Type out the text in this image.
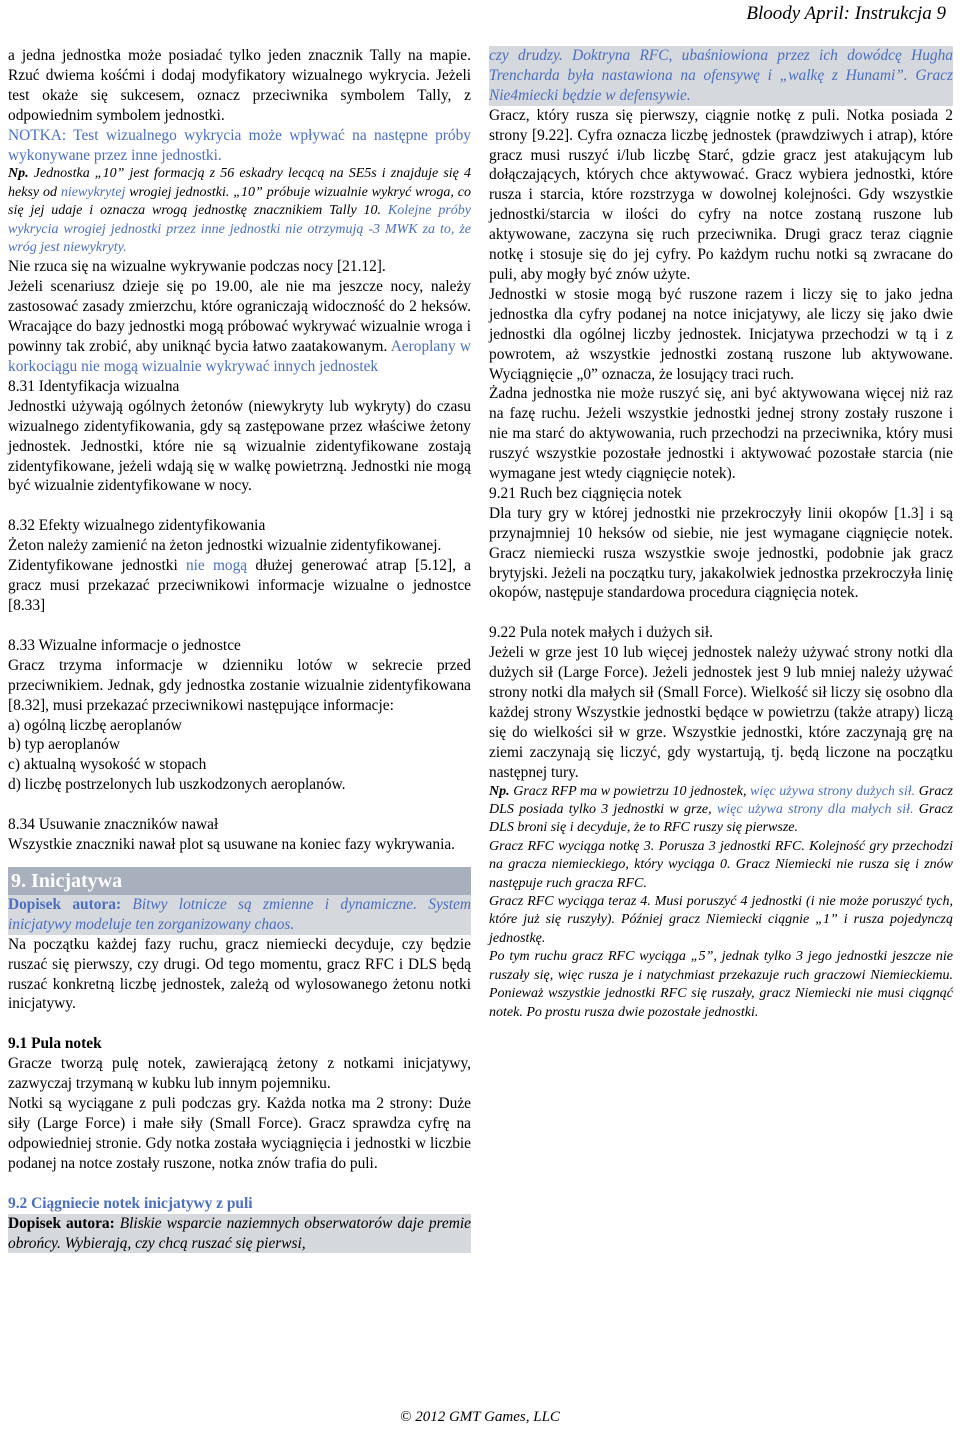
Bloody April: Instrukcja 9

a jedna jednostka może posiadać tylko jeden znacznik Tally na mapie. Rzuć dwiema kośćmi i dodaj modyfikatory wizualnego wykrycia. Jeżeli test okaże się sukcesem, oznacz przeciwnika symbolem Tally, z odpowiednim symbolem jednostki.

NOTKA: Test wizualnego wykrycia może wpływać na następne próby wykonywane przez inne jednostki.

Np. Jednostka „10” jest formacją z 56 eskadry lecącą na SE5s i znajduje się 4 heksy od niewykrytej wrogiej jednostki. „10” próbuje wizualnie wykryć wroga, co się jej udaje i oznacza wrogą jednostkę znacznikiem Tally 10. Kolejne próby wykrycia wrogiej jednostki przez inne jednostki nie otrzymują -3 MWK za to, że wróg jest niewykryty.

Nie rzuca się na wizualne wykrywanie podczas nocy [21.12].

Jeżeli scenariusz dzieje się po 19.00, ale nie ma jeszcze nocy, należy zastosować zasady zmierzchu, które ograniczają widoczność do 2 heksów. Wracające do bazy jednostki mogą próbować wykrywać wizualnie wroga i powinny tak zrobić, aby uniknąć bycia łatwo zaatakowanym. Aeroplany w korkociągu nie mogą wizualnie wykrywać innych jednostek

8.31 Identyfikacja wizualna

Jednostki używają ogólnych żetonów (niewykryty lub wykryty) do czasu wizualnego zidentyfikowania, gdy są zastępowane przez właściwe żetony jednostek. Jednostki, które nie są wizualnie zidentyfikowane zostają zidentyfikowane, jeżeli wdają się w walkę powietrzną. Jednostki nie mogą być wizualnie zidentyfikowane w nocy.

8.32 Efekty wizualnego zidentyfikowania

Żeton należy zamienić na żeton jednostki wizualnie zidentyfikowanej.

Zidentyfikowane jednostki nie mogą dłużej generować atrap [5.12], a gracz musi przekazać przeciwnikowi informacje wizualne o jednostce [8.33]

8.33 Wizualne informacje o jednostce

Gracz trzyma informacje w dzienniku lotów w sekrecie przed przeciwnikiem. Jednak, gdy jednostka zostanie wizualnie zidentyfikowana [8.32], musi przekazać przeciwnikowi następujące informacje:

a) ogólną liczbę aeroplanów

b) typ aeroplanów

c) aktualną wysokość w stopach

d) liczbę postrzelonych lub uszkodzonych aeroplanów.

8.34 Usuwanie znaczników nawał

Wszystkie znaczniki nawał plot są usuwane na koniec fazy wykrywania.

9. Inicjatywa

Dopisek autora: Bitwy lotnicze są zmienne i dynamiczne. System inicjatywy modeluje ten zorganizowany chaos.

Na początku każdej fazy ruchu, gracz niemiecki decyduje, czy będzie ruszać się pierwszy, czy drugi. Od tego momentu, gracz RFC i DLS będą ruszać konkretną liczbę jednostek, zależą od wylosowanego żetonu notki inicjatywy.

9.1 Pula notek

Gracze tworzą pulę notek, zawierającą żetony z notkami inicjatywy, zazwyczaj trzymaną w kubku lub innym pojemniku.

Notki są wyciągane z puli podczas gry. Każda notka ma 2 strony: Duże siły (Large Force) i małe siły (Small Force). Gracz sprawdza cyfrę na odpowiedniej stronie. Gdy notka została wyciągnięcia i jednostki w liczbie podanej na notce zostały ruszone, notka znów trafia do puli.

9.2 Ciągniecie notek inicjatywy z puli

Dopisek autora: Bliskie wsparcie naziemnych obserwatorów daje premie obrońcy. Wybierają, czy chcą ruszać się pierwsi,

czy drudzy. Doktryna RFC, ubaśniowiona przez ich dowódcę Hugha Trencharda była nastawiona na ofensywę i „walkę z Hunami”. Gracz Nie4miecki będzie w defensywie.

Gracz, który rusza się pierwszy, ciągnie notkę z puli. Notka posiada 2 strony [9.22]. Cyfra oznacza liczbę jednostek (prawdziwych i atrap), które gracz musi ruszyć i/lub liczbę Starć, gdzie gracz jest atakującym lub dołączających, których chce aktywować. Gracz wybiera jednostki, które rusza i starcia, które rozstrzyga w dowolnej kolejności. Gdy wszystkie jednostki/starcia w ilości do cyfry na notce zostaną ruszone lub aktywowane, zaczyna się ruch przeciwnika. Drugi gracz teraz ciągnie notkę i stosuje się do jej cyfry. Po każdym ruchu notki są zwracane do puli, aby mogły być znów użyte.

Jednostki w stosie mogą być ruszone razem i liczy się to jako jedna jednostka dla cyfry podanej na notce inicjatywy, ale liczy się jako dwie jednostki dla ogólnej liczby jednostek. Inicjatywa przechodzi w tą i z powrotem, aż wszystkie jednostki zostaną ruszone lub aktywowane. Wyciągnięcie „0” oznacza, że losujący traci ruch.

Żadna jednostka nie może ruszyć się, ani być aktywowana więcej niż raz na fazę ruchu. Jeżeli wszystkie jednostki jednej strony zostały ruszone i nie ma starć do aktywowania, ruch przechodzi na przeciwnika, który musi ruszyć wszystkie pozostałe jednostki i aktywować pozostałe starcia (nie wymagane jest wtedy ciągnięcie notek).

9.21 Ruch bez ciągnięcia notek

Dla tury gry w której jednostki nie przekroczyły linii okopów [1.3] i są przynajmniej 10 heksów od siebie, nie jest wymagane ciągnięcie notek. Gracz niemiecki rusza wszystkie swoje jednostki, podobnie jak gracz brytyjski. Jeżeli na początku tury, jakakolwiek jednostka przekroczyła linię okopów, następuje standardowa procedura ciągnięcia notek.

9.22 Pula notek małych i dużych sił.

Jeżeli w grze jest 10 lub więcej jednostek należy używać strony notki dla dużych sił (Large Force). Jeżeli jednostek jest 9 lub mniej należy używać strony notki dla małych sił (Small Force). Wielkość sił liczy się osobno dla każdej strony Wszystkie jednostki będące w powietrzu (także atrapy) liczą się do wielkości sił w grze. Wszystkie jednostki, które zaczynają grę na ziemi zaczynają się liczyć, gdy wystartują, tj. będą liczone na początku następnej tury.

Np. Gracz RFP ma w powietrzu 10 jednostek, więc używa strony dużych sił. Gracz DLS posiada tylko 3 jednostki w grze, więc używa strony dla małych sił. Gracz DLS broni się i decyduje, że to RFC ruszy się pierwsze.

Gracz RFC wyciąga notkę 3. Porusza 3 jednostki RFC. Kolejność gry przechodzi na gracza niemieckiego, który wyciąga 0. Gracz Niemiecki nie rusza się i znów następuje ruch gracza RFC.

Gracz RFC wyciąga teraz 4. Musi poruszyć 4 jednostki (i nie może poruszyć tych, które już się ruszyły). Później gracz Niemiecki ciągnie „1” i rusza pojedynczą jednostkę.

Po tym ruchu gracz RFC wyciąga „5”, jednak tylko 3 jego jednostki jeszcze nie ruszały się, więc rusza je i natychmiast przekazuje ruch graczowi Niemieckiemu. Ponieważ wszystkie jednostki RFC się ruszały, gracz Niemiecki nie musi ciągnąć notek. Po prostu rusza dwie pozostałe jednostki.

© 2012 GMT Games, LLC
